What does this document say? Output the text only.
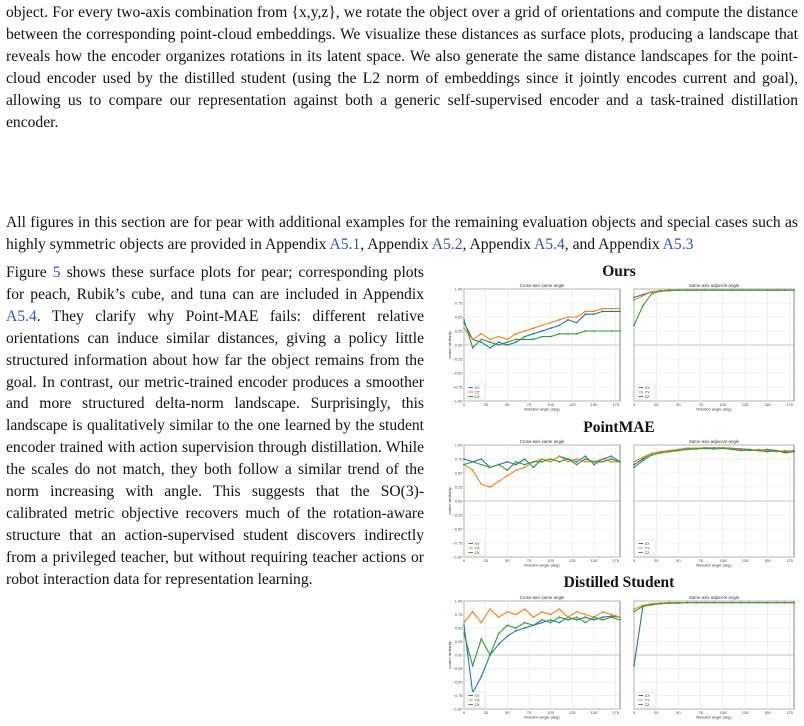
object. For every two-axis combination from {x,y,z}, we rotate the object over a grid of orientations and compute the distance between the corresponding point-cloud embeddings. We visualize these distances as surface plots, producing a landscape that reveals how the encoder organizes rotations in its latent space. We also generate the same distance landscapes for the point-cloud encoder used by the distilled student (using the L2 norm of embeddings since it jointly encodes current and goal), allowing us to compare our representation against both a generic self-supervised encoder and a task-trained distillation encoder.

All figures in this section are for pear with additional examples for the remaining evaluation objects and special cases such as highly symmetric objects are provided in Appendix A5.1, Appendix A5.2, Appendix A5.4, and Appendix A5.3

Figure 5 shows these surface plots for pear; corresponding plots for peach, Rubik’s cube, and tuna can are included in Appendix A5.4. They clarify why Point-MAE fails: different relative orientations can induce similar distances, giving a policy little structured information about how far the object remains from the goal. In contrast, our metric-trained encoder produces a smoother and more structured delta-norm landscape. Surprisingly, this landscape is qualitatively similar to the one learned by the student encoder trained with action supervision through distillation. While the scales do not match, they both follow a similar trend of the norm increasing with angle. This suggests that the SO(3)-calibrated metric objective recovers much of the rotation-aware structure that an action-supervised student discovers indirectly from a privileged teacher, but without requiring teacher actions or robot interaction data for representation learning.

Ours
PointMAE
Distilled Student
Cross-axis same angle
1.00
0.75
0.50
0.25
0.00
−0.25
−0.50
−0.75
−1.00
0	25	50	75	100	125	150	175
Rotation angle (deg)
cosine similarity
XY
YZ
ZX
Same-axis adjacent angle
0	25	50	75	100	125	150	175
Rotation angle (deg)
XX
YY
ZZ
Cross-axis same angle
1.00
0.75
0.50
0.25
0.00
−0.25
−0.50
−0.75
−1.00
0	25	50	75	100	125	150	175
Rotation angle (deg)
cosine similarity
XY
YZ
ZX
Same-axis adjacent angle
0	25	50	75	100	125	150	175
Rotation angle (deg)
XX
YY
ZZ
Cross-axis same angle
1.00
0.75
0.50
0.25
0.00
−0.25
−0.50
−0.75
−1.00
0	25	50	75	100	125	150	175
Rotation angle (deg)
cosine similarity
XY
YZ
ZX
Same-axis adjacent angle
0	25	50	75	100	125	150	175
Rotation angle (deg)
XX
YY
ZZ
